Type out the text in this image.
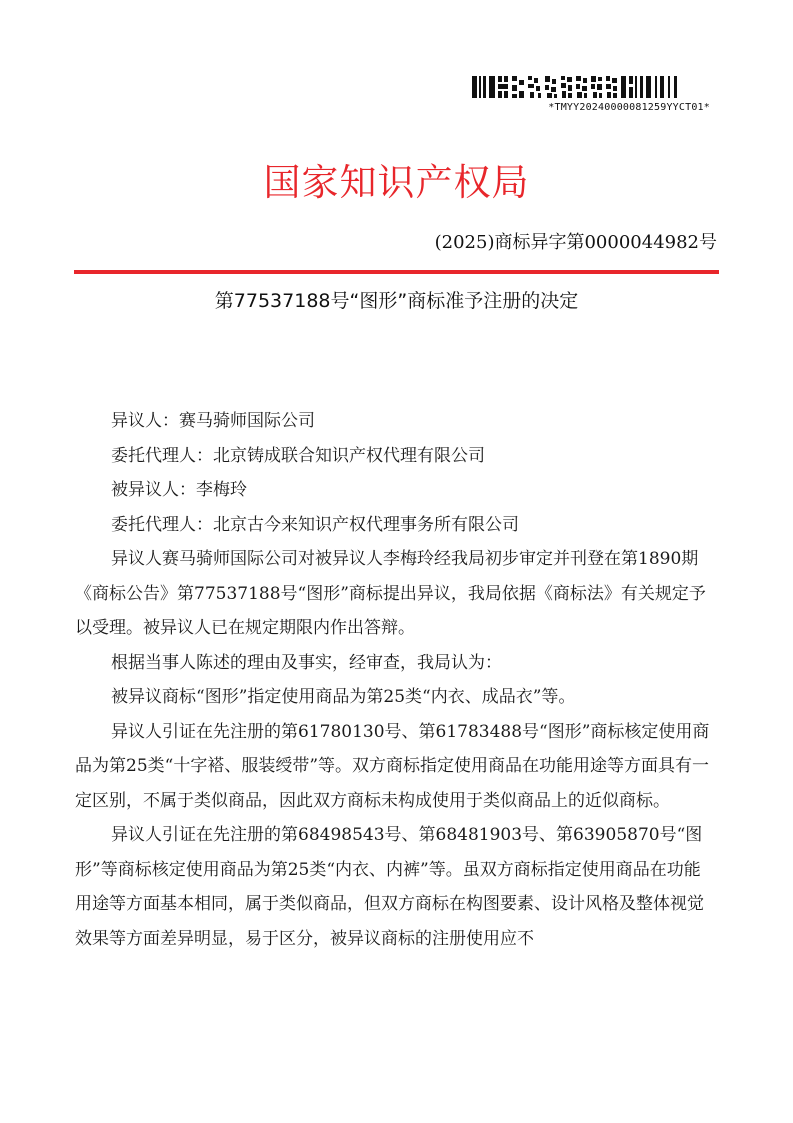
*TMYY20240000081259YYCT01*
国家知识产权局
(2025)商标异字第0000044982号
第77537188号“图形”商标准予注册的决定

异议人：赛马骑师国际公司

委托代理人：北京铸成联合知识产权代理有限公司

被异议人：李梅玲

委托代理人：北京古今来知识产权代理事务所有限公司

异议人赛马骑师国际公司对被异议人李梅玲经我局初步审定并刊登在第1890期《商标公告》第77537188号“图形”商标提出异议，我局依据《商标法》有关规定予以受理。被异议人已在规定期限内作出答辩。

根据当事人陈述的理由及事实，经审查，我局认为：

被异议商标“图形”指定使用商品为第25类“内衣、成品衣”等。

异议人引证在先注册的第61780130号、第61783488号“图形”商标核定使用商品为第25类“十字褡、服装绶带”等。双方商标指定使用商品在功能用途等方面具有一定区别，不属于类似商品，因此双方商标未构成使用于类似商品上的近似商标。

异议人引证在先注册的第68498543号、第68481903号、第63905870号“图形”等商标核定使用商品为第25类“内衣、内裤”等。虽双方商标指定使用商品在功能用途等方面基本相同，属于类似商品，但双方商标在构图要素、设计风格及整体视觉效果等方面差异明显，易于区分，被异议商标的注册使用应不
